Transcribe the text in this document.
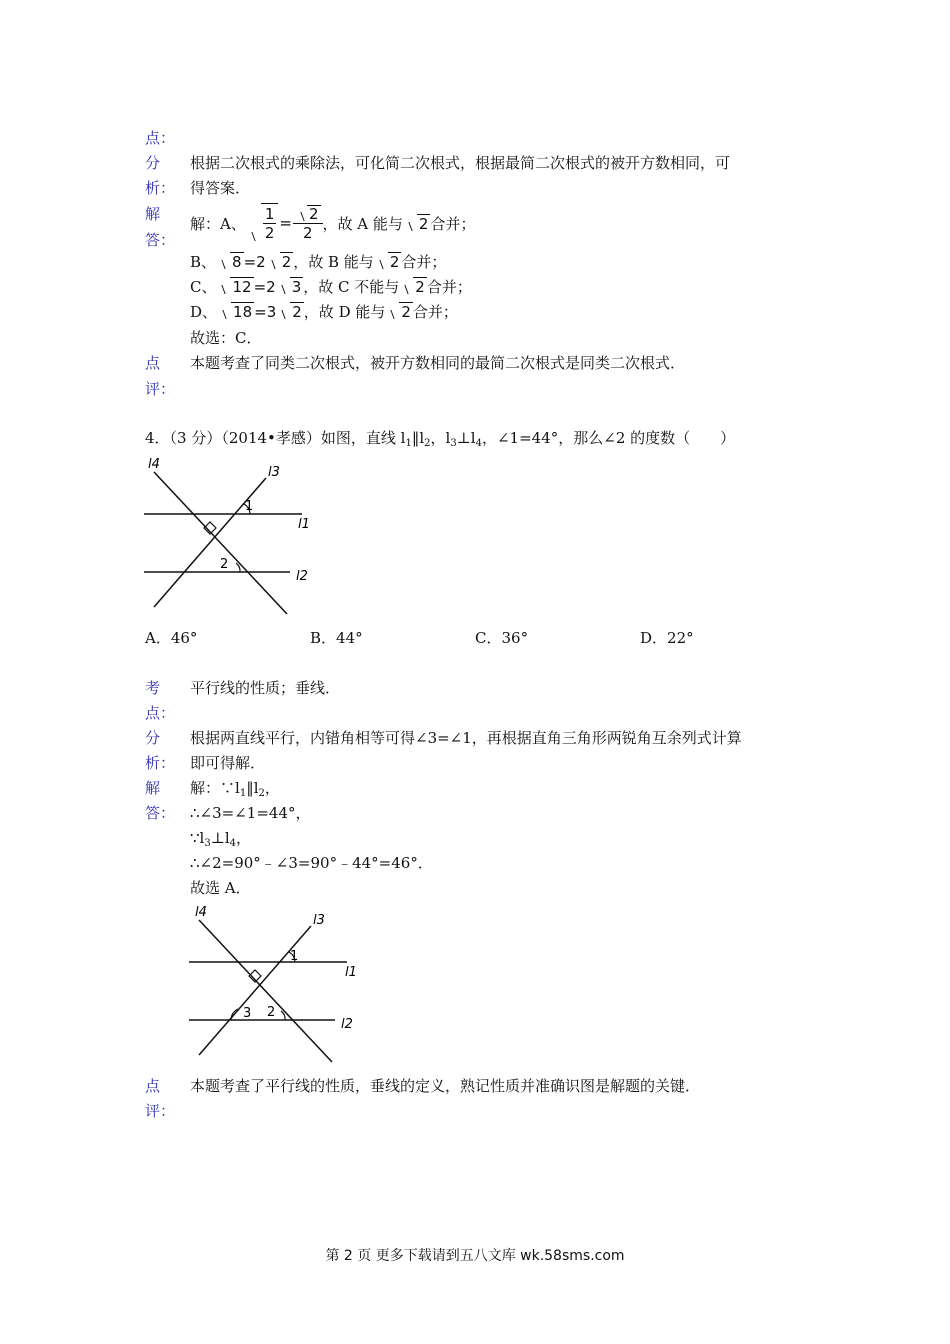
点：
分
析：
根据二次根式的乘除法，可化简二次根式，根据最简二次根式的被开方数相同，可
得答案．
解
答：
解：A、 $\frac{1}{2} = \frac{2}{2}$ ，故 A 能与	2 合并；
B、	8 =2	2 ，故 B 能与	2 合并；
C、	12 =2	3 ，故 C 不能与	2 合并；
D、	18 =3	2 ，故 D 能与	2 合并；
故选：C．
点
评：
本题考查了同类二次根式，被开方数相同的最简二次根式是同类二次根式．
4．（3 分）（2014•孝感）如图，直线 $l_1‖l_2$，$l_3\perp l_4$，∠1=44°，那么∠2 的度数（　　）
l4
l3
l1
l2
1
2
A．46°	B．44°	C．36°	D．22°
考
点：
平行线的性质；垂线．
分
析：
根据两直线平行，内错角相等可得∠3=∠1，再根据直角三角形两锐角互余列式计算
即可得解．
解
答：
解：$\because l_1‖l_2$，
∴∠3=∠1=44°，
$\because l_3\perp l_4$，
∴∠2=90°﹣∠3=90°﹣44°=46°．
故选 A．
l4
l3
l1
l2
1
2
3
点
评：
本题考查了平行线的性质，垂线的定义，熟记性质并准确识图是解题的关键．
第 2 页 更多下载请到五八文库 wk.58sms.com
